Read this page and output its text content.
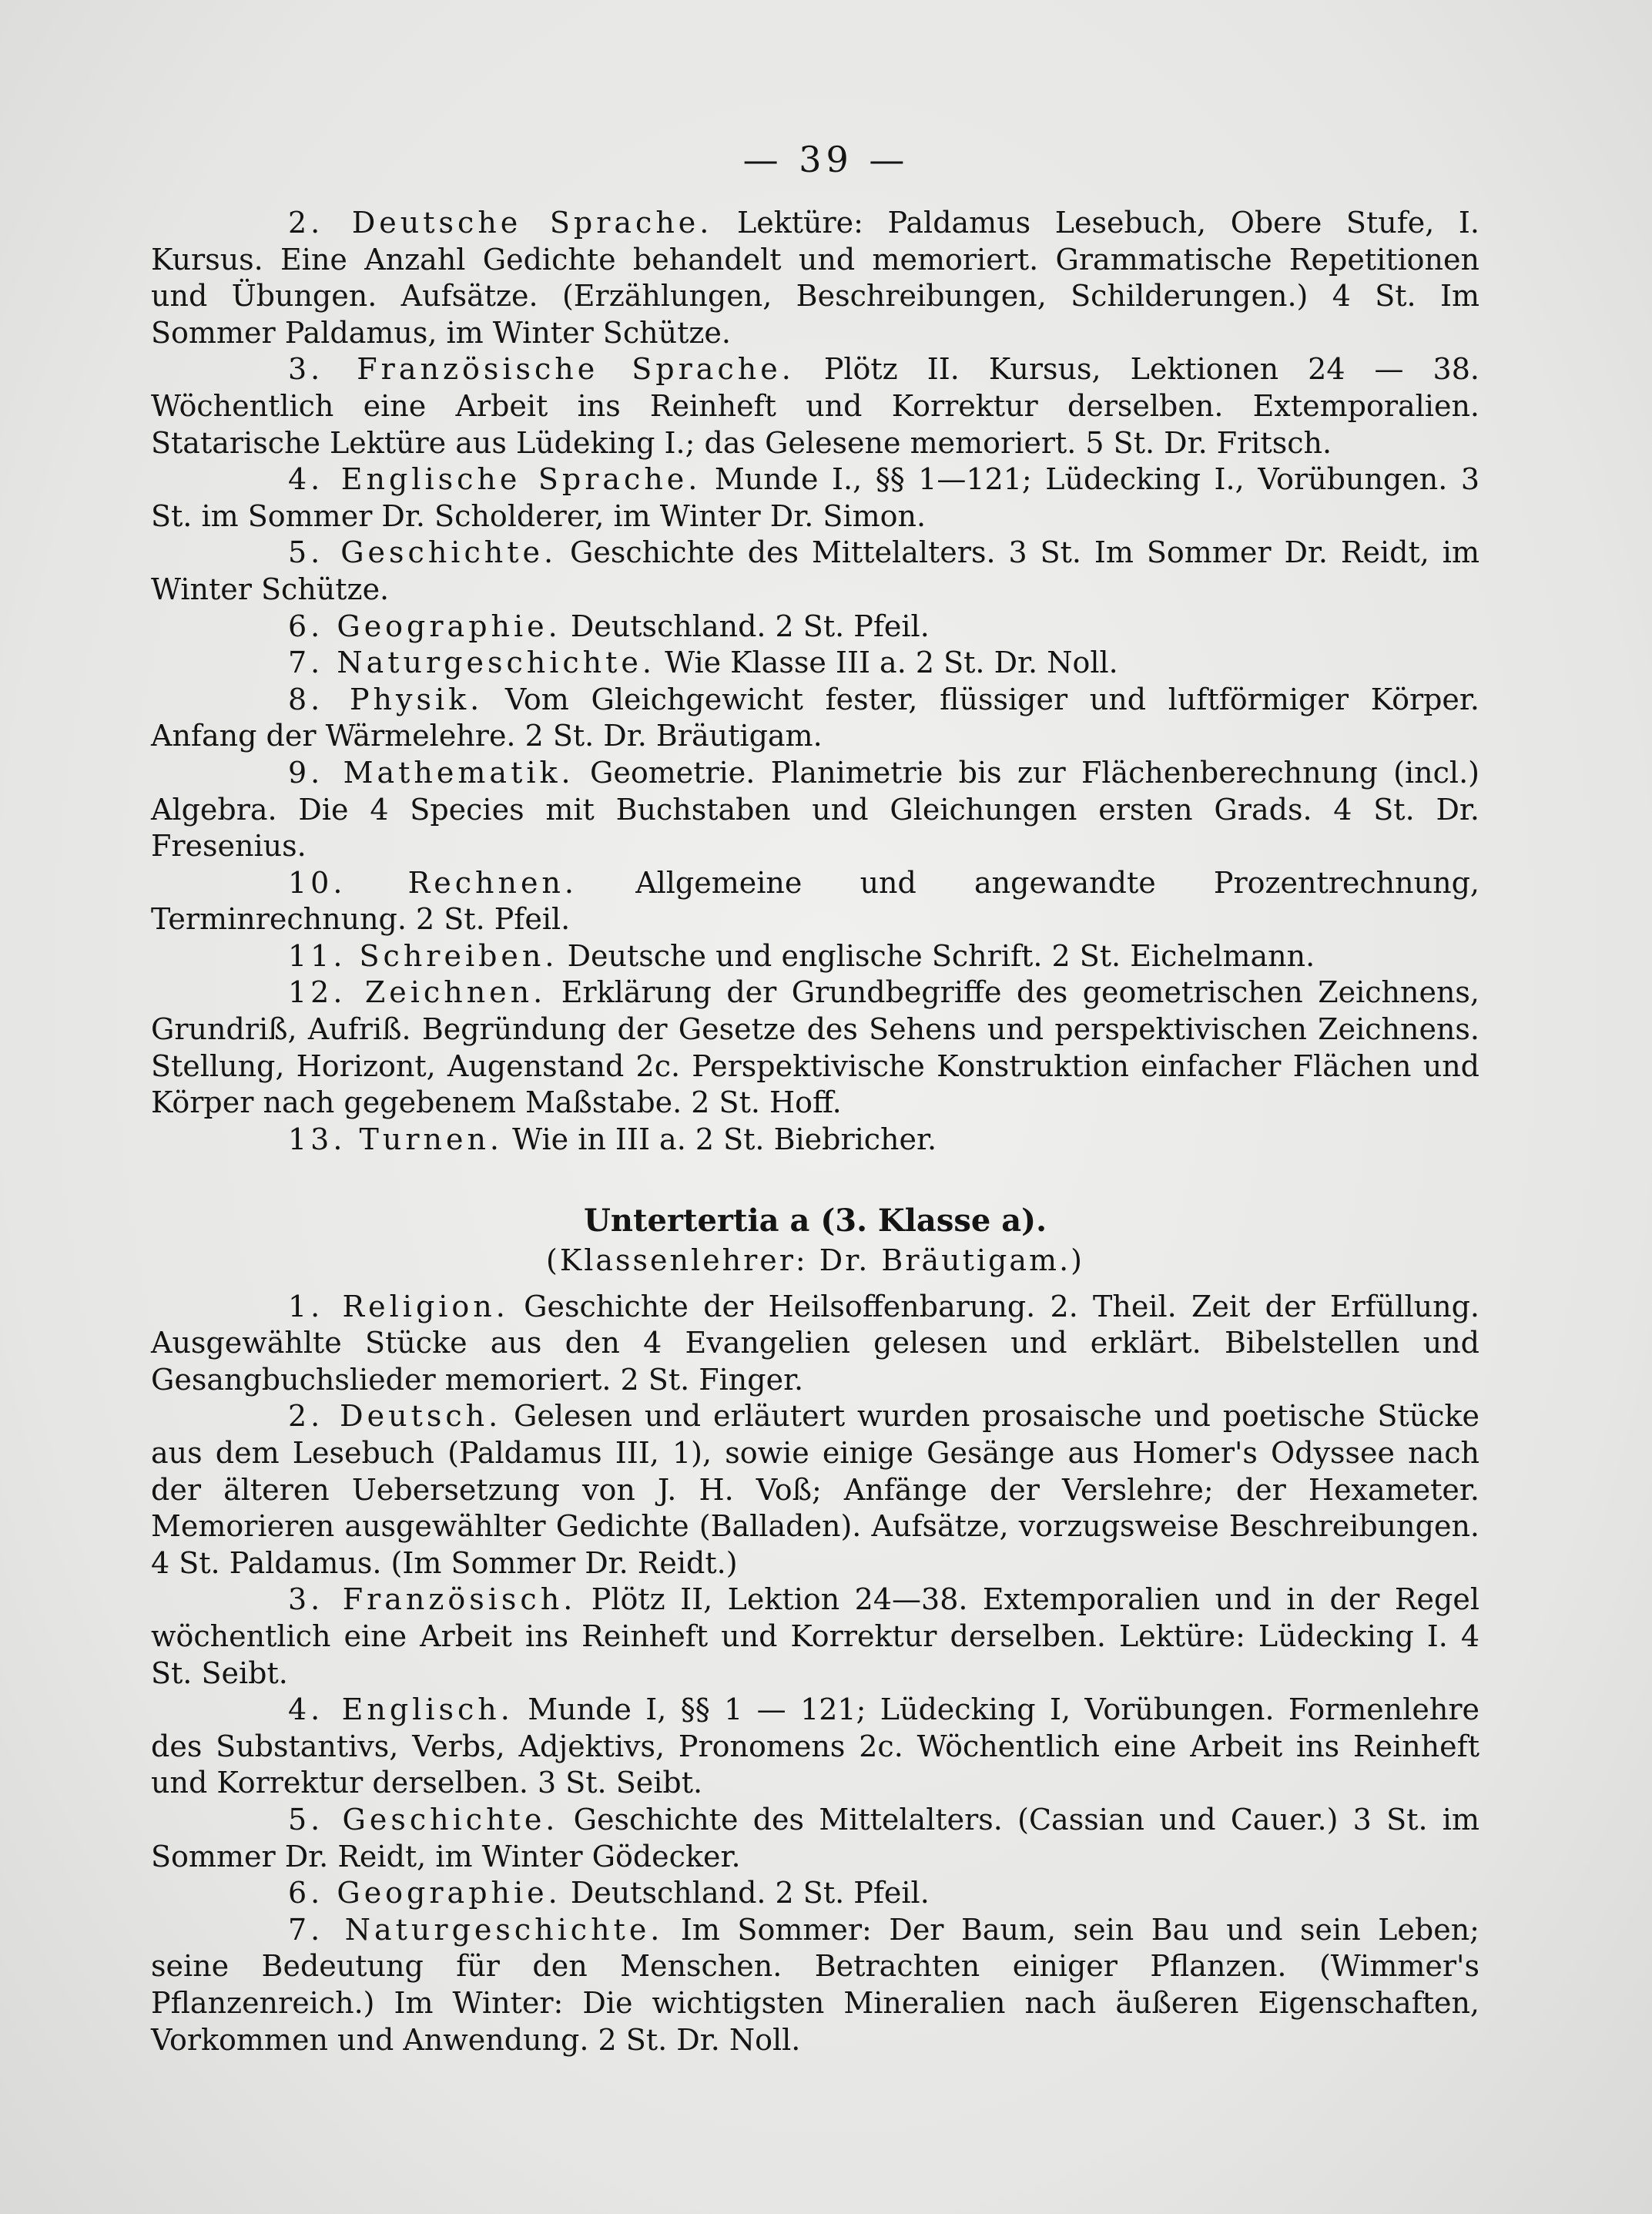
— 39 —

2. Deutsche Sprache. Lektüre: Paldamus Lesebuch, Obere Stufe, I. Kursus. Eine Anzahl Gedichte behandelt und memoriert. Grammatische Repetitionen und Übungen. Aufsätze. (Erzählungen, Beschreibungen, Schilderungen.) 4 St. Im Sommer Paldamus, im Winter Schütze.

3. Französische Sprache. Plötz II. Kursus, Lektionen 24 — 38. Wöchentlich eine Arbeit ins Reinheft und Korrektur derselben. Extemporalien. Statarische Lektüre aus Lüdeking I.; das Gelesene memoriert. 5 St. Dr. Fritsch.

4. Englische Sprache. Munde I., §§ 1—121; Lüdecking I., Vorübungen. 3 St. im Sommer Dr. Scholderer, im Winter Dr. Simon.

5. Geschichte. Geschichte des Mittelalters. 3 St. Im Sommer Dr. Reidt, im Winter Schütze.

6. Geographie. Deutschland. 2 St. Pfeil.

7. Naturgeschichte. Wie Klasse III a. 2 St. Dr. Noll.

8. Physik. Vom Gleichgewicht fester, flüssiger und luftförmiger Körper. Anfang der Wärmelehre. 2 St. Dr. Bräutigam.

9. Mathematik. Geometrie. Planimetrie bis zur Flächenberechnung (incl.) Algebra. Die 4 Species mit Buchstaben und Gleichungen ersten Grads. 4 St. Dr. Fresenius.

10. Rechnen. Allgemeine und angewandte Prozentrechnung, Terminrechnung. 2 St. Pfeil.

11. Schreiben. Deutsche und englische Schrift. 2 St. Eichelmann.

12. Zeichnen. Erklärung der Grundbegriffe des geometrischen Zeichnens, Grundriß, Aufriß. Begründung der Gesetze des Sehens und perspektivischen Zeichnens. Stellung, Horizont, Augenstand 2c. Perspektivische Konstruktion einfacher Flächen und Körper nach gegebenem Maßstabe. 2 St. Hoff.

13. Turnen. Wie in III a. 2 St. Biebricher.

Untertertia a (3. Klasse a).

(Klassenlehrer: Dr. Bräutigam.)

1. Religion. Geschichte der Heilsoffenbarung. 2. Theil. Zeit der Erfüllung. Ausgewählte Stücke aus den 4 Evangelien gelesen und erklärt. Bibelstellen und Gesangbuchslieder memoriert. 2 St. Finger.

2. Deutsch. Gelesen und erläutert wurden prosaische und poetische Stücke aus dem Lesebuch (Paldamus III, 1), sowie einige Gesänge aus Homer's Odyssee nach der älteren Uebersetzung von J. H. Voß; Anfänge der Verslehre; der Hexameter. Memorieren ausgewählter Gedichte (Balladen). Aufsätze, vorzugsweise Beschreibungen. 4 St. Paldamus. (Im Sommer Dr. Reidt.)

3. Französisch. Plötz II, Lektion 24—38. Extemporalien und in der Regel wöchentlich eine Arbeit ins Reinheft und Korrektur derselben. Lektüre: Lüdecking I. 4 St. Seibt.

4. Englisch. Munde I, §§ 1 — 121; Lüdecking I, Vorübungen. Formenlehre des Substantivs, Verbs, Adjektivs, Pronomens 2c. Wöchentlich eine Arbeit ins Reinheft und Korrektur derselben. 3 St. Seibt.

5. Geschichte. Geschichte des Mittelalters. (Cassian und Cauer.) 3 St. im Sommer Dr. Reidt, im Winter Gödecker.

6. Geographie. Deutschland. 2 St. Pfeil.

7. Naturgeschichte. Im Sommer: Der Baum, sein Bau und sein Leben; seine Bedeutung für den Menschen. Betrachten einiger Pflanzen. (Wimmer's Pflanzenreich.) Im Winter: Die wichtigsten Mineralien nach äußeren Eigenschaften, Vorkommen und Anwendung. 2 St. Dr. Noll.
